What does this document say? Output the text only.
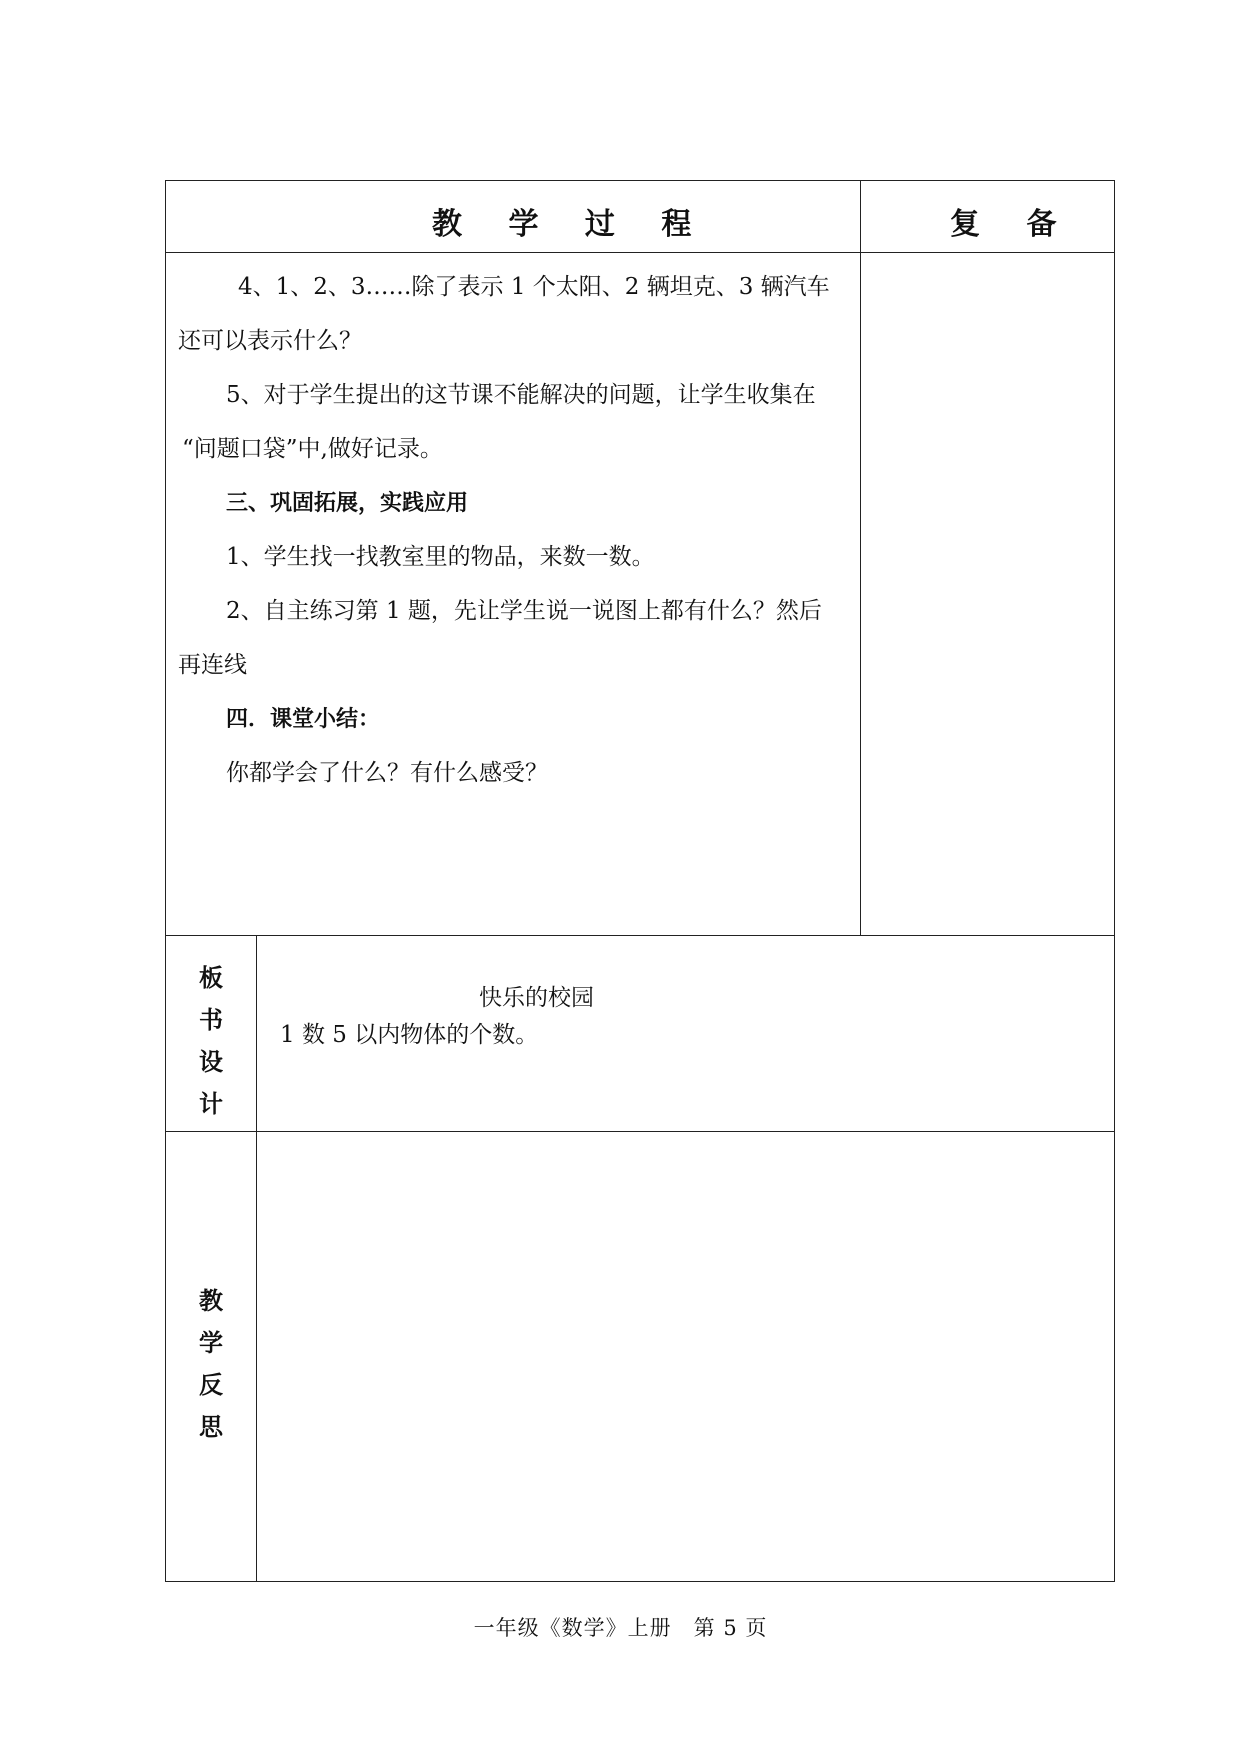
教 学 过 程	复 备
4、1、2、3……除了表示 1 个太阳、2 辆坦克、3 辆汽车
还可以表示什么？
5、对于学生提出的这节课不能解决的问题，让学生收集在
“问题口袋”中,做好记录。
三、巩固拓展，实践应用
1、学生找一找教室里的物品，来数一数。
2、自主练习第 1 题，先让学生说一说图上都有什么？然后
再连线
四．课堂小结：
你都学会了什么？有什么感受？
板
书
设
计
快乐的校园
1 数 5 以内物体的个数。
教
学
反
思
一年级《数学》上册　第 5 页
